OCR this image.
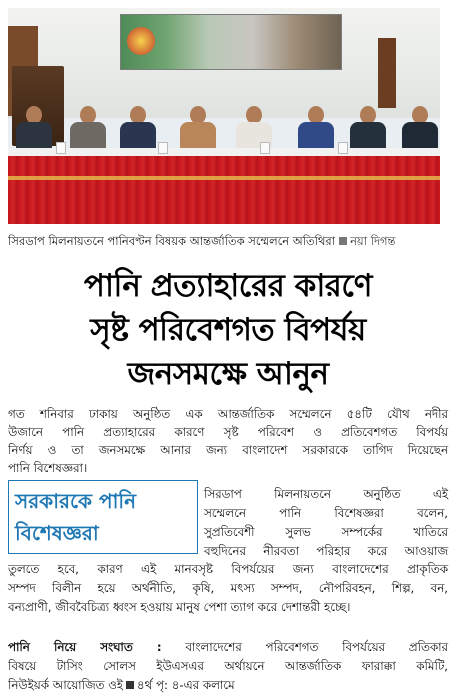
সিরডাপ মিলনায়তনে পানিবণ্টন বিষয়ক আন্তর্জাতিক সম্মেলনে অতিথিরা নয়া দিগন্ত
পানি প্রত্যাহারের কারণে
সৃষ্ট পরিবেশগত বিপর্যয়
জনসমক্ষে আনুন
গত শনিবার ঢাকায় অনুষ্ঠিত এক আন্তর্জাতিক সম্মেলনে ৫৪টি যৌথ নদীর
উজানে পানি প্রত্যাহারের কারণে সৃষ্ট পরিবেশ ও প্রতিবেশগত বিপর্যয়
নির্ণয় ও তা জনসমক্ষে আনার জন্য বাংলাদেশ সরকারকে তাগিদ দিয়েছেন
পানি বিশেষজ্ঞরা।
সরকারকে পানি
বিশেষজ্ঞরা
সিরডাপ মিলনায়তনে অনুষ্ঠিত এই
সম্মেলনে পানি বিশেষজ্ঞরা বলেন,
সুপ্রতিবেশী সুলভ সম্পর্কের খাতিরে
বহুদিনের নীরবতা পরিহার করে আওয়াজ
তুলতে হবে, কারণ এই মানবসৃষ্ট বিপর্যয়ের জন্য বাংলাদেশের প্রাকৃতিক
সম্পদ বিলীন হয়ে অর্থনীতি, কৃষি, মৎস্য সম্পদ, নৌপরিবহন, শিল্প, বন,
বন্যপ্রাণী, জীববৈচিত্র্য ধ্বংস হওয়ায় মানুষ পেশা ত্যাগ করে দেশান্তরী হচ্ছে।
পানি নিয়ে সংঘাত : বাংলাদেশের পরিবেশগত বিপর্যয়ের প্রতিকার
বিষয়ে টাসিং সোলস ইউএসএর অর্থায়নে আন্তর্জাতিক ফারাক্কা কমিটি,
নিউইয়র্ক আয়োজিত ওই ৪র্থ পৃ: ৪-এর কলামে
